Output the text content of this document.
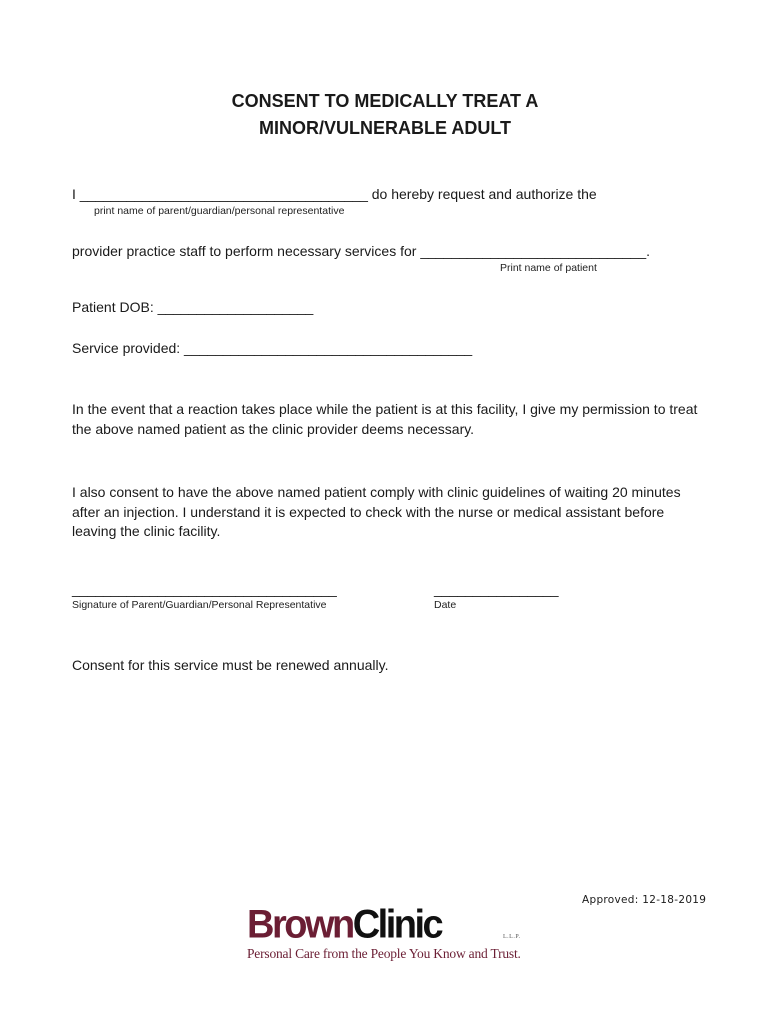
CONSENT TO MEDICALLY TREAT A
MINOR/VULNERABLE ADULT
I _____________________________________ do hereby request and authorize the
print name of parent/guardian/personal representative
provider practice staff to perform necessary services for _____________________________.
Print name of patient
Patient DOB: ____________________
Service provided: _____________________________________
In the event that a reaction takes place while the patient is at this facility, I give my permission to treat the above named patient as the clinic provider deems necessary.
I also consent to have the above named patient comply with clinic guidelines of waiting 20 minutes after an injection. I understand it is expected to check with the nurse or medical assistant before leaving the clinic facility.
__________________________________
Signature of Parent/Guardian/Personal Representative
________________
Date
Consent for this service must be renewed annually.
Approved: 12-18-2019
BrownClinic	L.L.P.
Personal Care from the People You Know and Trust.
